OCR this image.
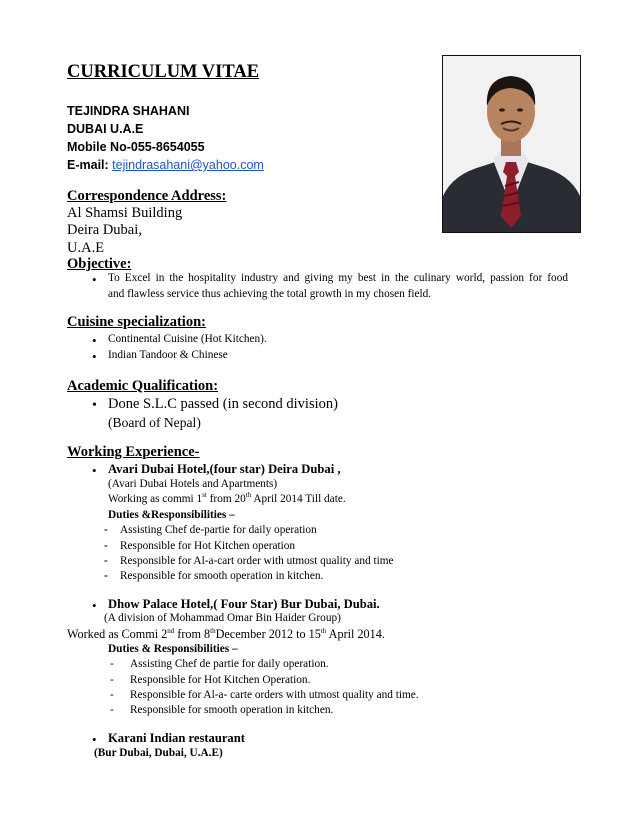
CURRICULUM VITAE
TEJINDRA SHAHANI
DUBAI U.A.E
Mobile No-055-8654055
E-mail: tejindrasahani@yahoo.com
Correspondence Address:
Al Shamsi Building
Deira Dubai,
U.A.E
Objective:
• To Excel in the hospitality industry and giving my best in the culinary world, passion for food
and flawless service thus achieving the total growth in my chosen field.
Cuisine specialization:
• Continental Cuisine (Hot Kitchen).
• Indian Tandoor & Chinese
Academic Qualification:
• Done S.L.C passed (in second division)
(Board of Nepal)
Working Experience-
• Avari Dubai Hotel,(four star) Deira Dubai ,
(Avari Dubai Hotels and Apartments)
Working as commi 1st from 20th April 2014 Till date.
Duties &Responsibilities –
- Assisting Chef de-partie for daily operation
- Responsible for Hot Kitchen operation
- Responsible for Al-a-cart order with utmost quality and time
- Responsible for smooth operation in kitchen.
• Dhow Palace Hotel,( Four Star) Bur Dubai, Dubai.
(A division of Mohammad Omar Bin Haider Group)
Worked as Commi 2nd from 8thDecember 2012 to 15th April 2014.
Duties & Responsibilities –
- Assisting Chef de partie for daily operation.
- Responsible for Hot Kitchen Operation.
- Responsible for Al-a- carte orders with utmost quality and time.
- Responsible for smooth operation in kitchen.
• Karani Indian restaurant
(Bur Dubai, Dubai, U.A.E)
